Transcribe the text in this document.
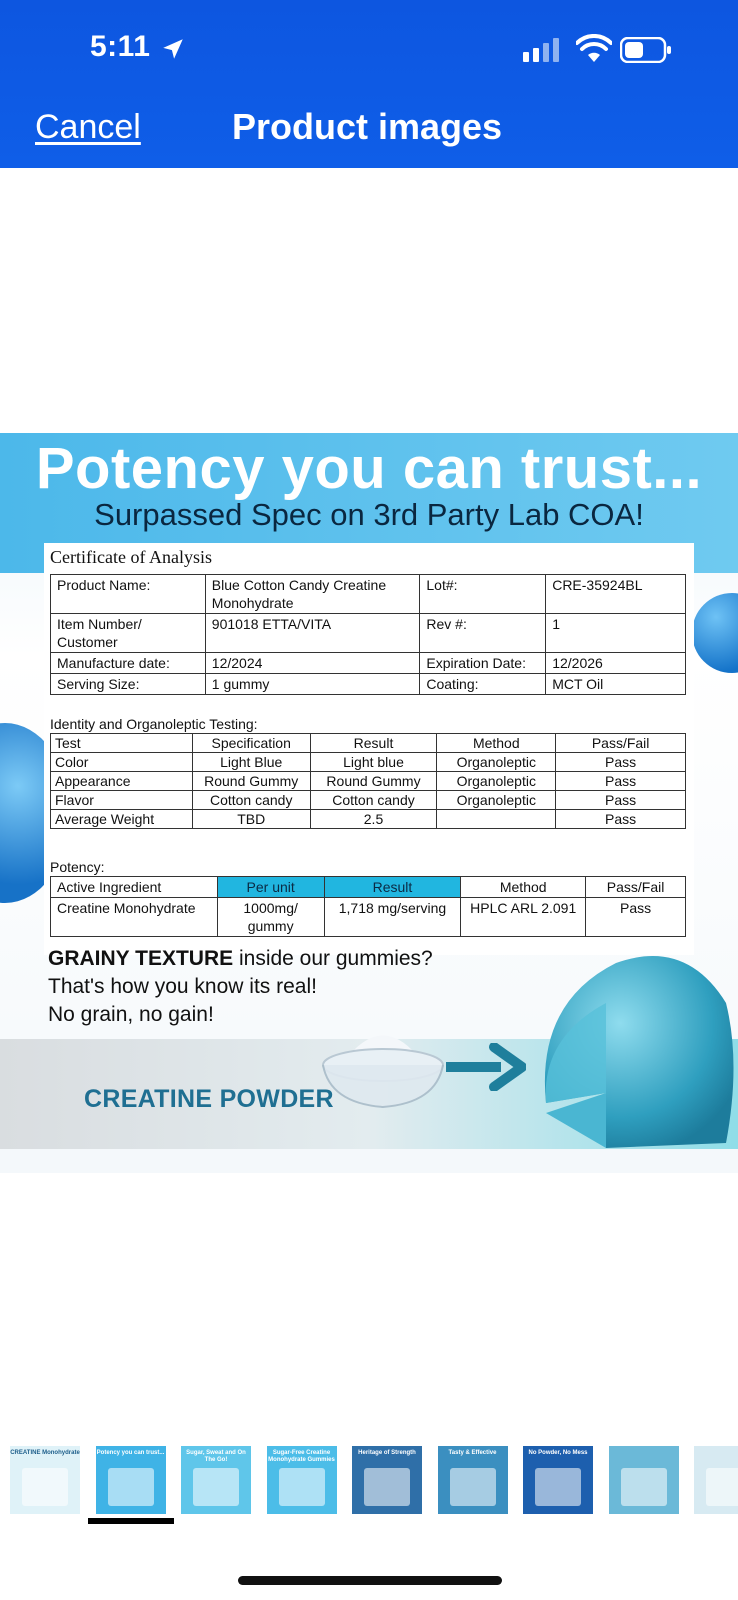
5:11
Cancel	Product images
Potency you can trust...
Surpassed Spec on 3rd Party Lab COA!
Certificate of Analysis
Product Name:	Blue Cotton Candy Creatine Monohydrate	Lot#:	CRE-35924BL
Item Number/ Customer	901018 ETTA/VITA	Rev #:	1
Manufacture date:	12/2024	Expiration Date:	12/2026
Serving Size:	1 gummy	Coating:	MCT Oil
Identity and Organoleptic Testing:
Test	Specification	Result	Method	Pass/Fail
Color	Light Blue	Light blue	Organoleptic	Pass
Appearance	Round Gummy	Round Gummy	Organoleptic	Pass
Flavor	Cotton candy	Cotton candy	Organoleptic	Pass
Average Weight	TBD	2.5		Pass
Potency:
Active Ingredient	Per unit	Result	Method	Pass/Fail
Creatine Monohydrate	1000mg/ gummy	1,718 mg/serving	HPLC ARL 2.091	Pass
GRAINY TEXTURE inside our gummies?
That's how you know its real!
No grain, no gain!
CREATINE POWDER
CREATINE Monohydrate	Potency you can trust...	Sugar, Sweat and On The Go!
Sugar-Free Creatine Monohydrate Gummies
Heritage of Strength	Tasty & Effective	No Powder, No Mess
